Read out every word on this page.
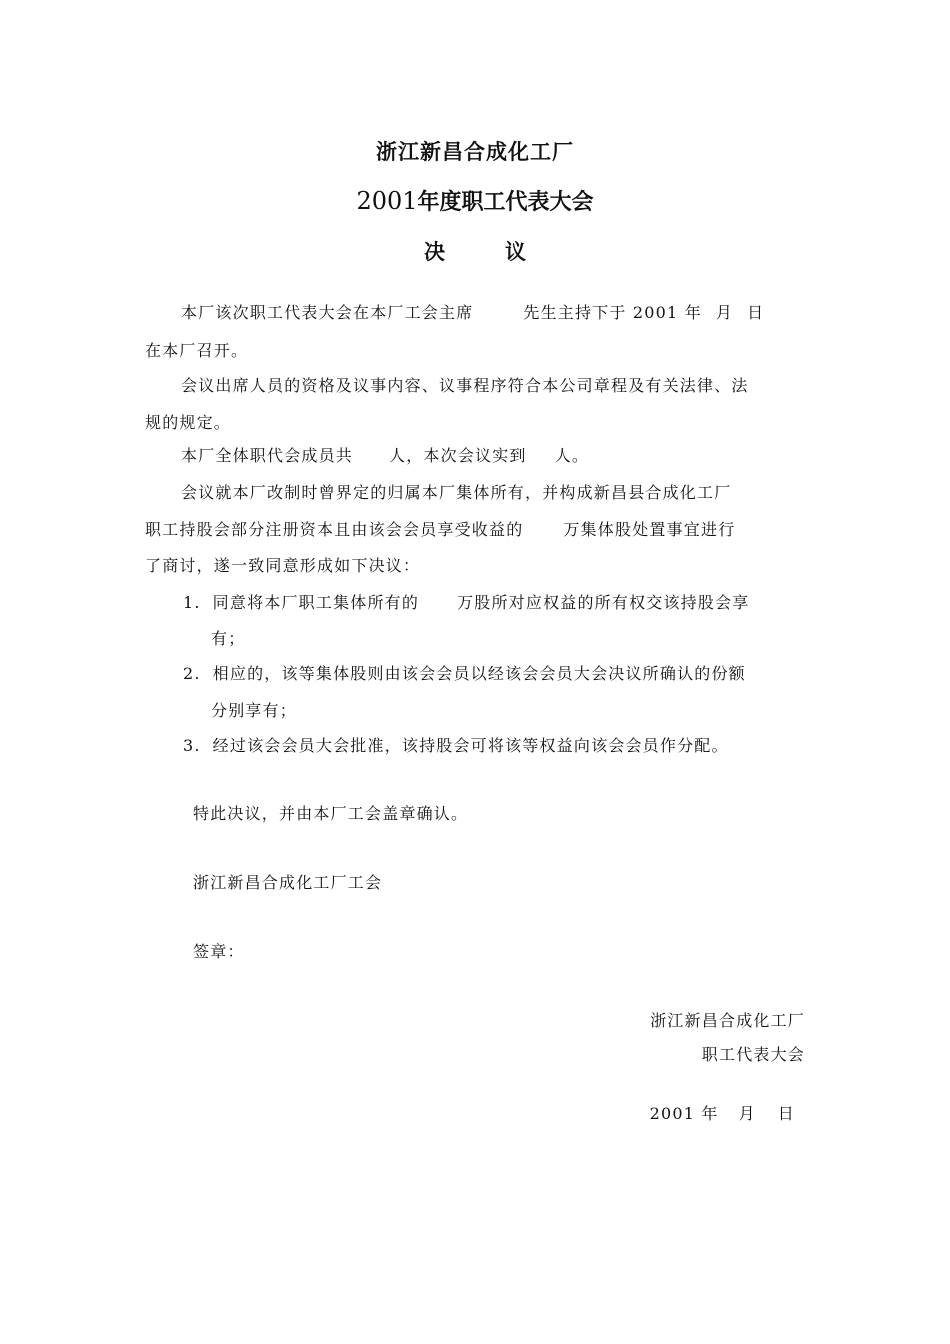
浙江新昌合成化工厂
2001年度职工代表大会
决	议
本厂该次职工代表大会在本厂工会主席	先生主持下于 2001 年 月 日
在本厂召开。
会议出席人员的资格及议事内容、议事程序符合本公司章程及有关法律、法
规的规定。
本厂全体职代会成员共 人，本次会议实到 人。
会议就本厂改制时曾界定的归属本厂集体所有，并构成新昌县合成化工厂
职工持股会部分注册资本且由该会会员享受收益的	万集体股处置事宜进行
了商讨，遂一致同意形成如下决议：
1. 同意将本厂职工集体所有的 万股所对应权益的所有权交该持股会享
有；
2. 相应的，该等集体股则由该会会员以经该会会员大会决议所确认的份额
分别享有；
3. 经过该会会员大会批准，该持股会可将该等权益向该会会员作分配。
特此决议，并由本厂工会盖章确认。
浙江新昌合成化工厂工会
签章：
浙江新昌合成化工厂
职工代表大会
2001 年 月 日
